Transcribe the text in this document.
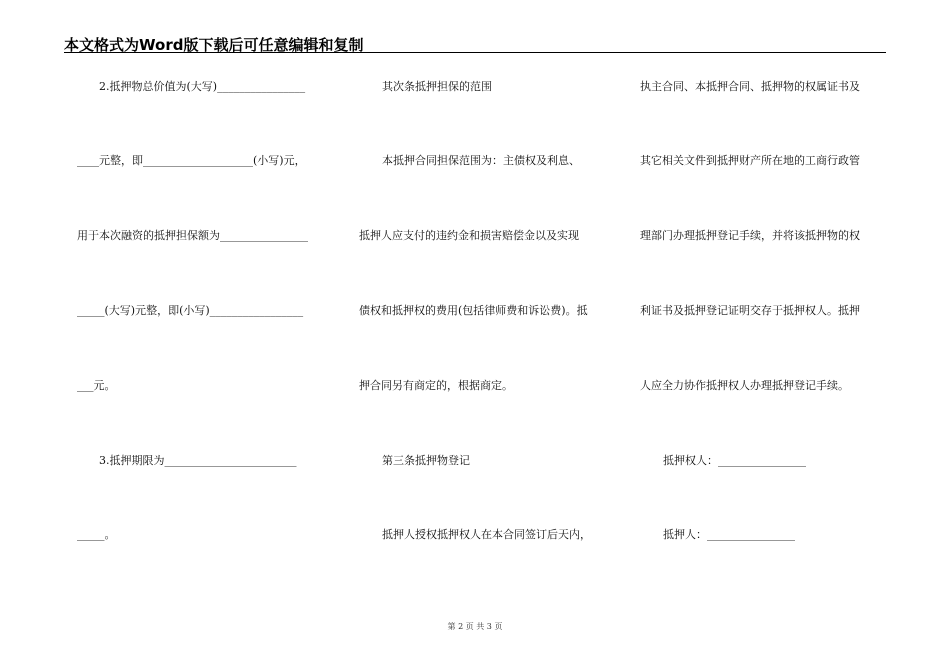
本文格式为Word版下载后可任意编辑和复制
2.抵押物总价值为(大写)________________
____元整，即____________________(小写)元，
用于本次融资的抵押担保额为________________
_____(大写)元整，即(小写)_________________
___元。
3.抵押期限为________________________
_____。
其次条抵押担保的范围
本抵押合同担保范围为：主债权及利息、
抵押人应支付的违约金和损害赔偿金以及实现
债权和抵押权的费用(包括律师费和诉讼费)。抵
押合同另有商定的，根据商定。
第三条抵押物登记
抵押人授权抵押权人在本合同签订后天内，
执主合同、本抵押合同、抵押物的权属证书及
其它相关文件到抵押财产所在地的工商行政管
理部门办理抵押登记手续，并将该抵押物的权
利证书及抵押登记证明交存于抵押权人。抵押
人应全力协作抵押权人办理抵押登记手续。
抵押权人：________________
抵押人：________________
第 2 页 共 3 页
